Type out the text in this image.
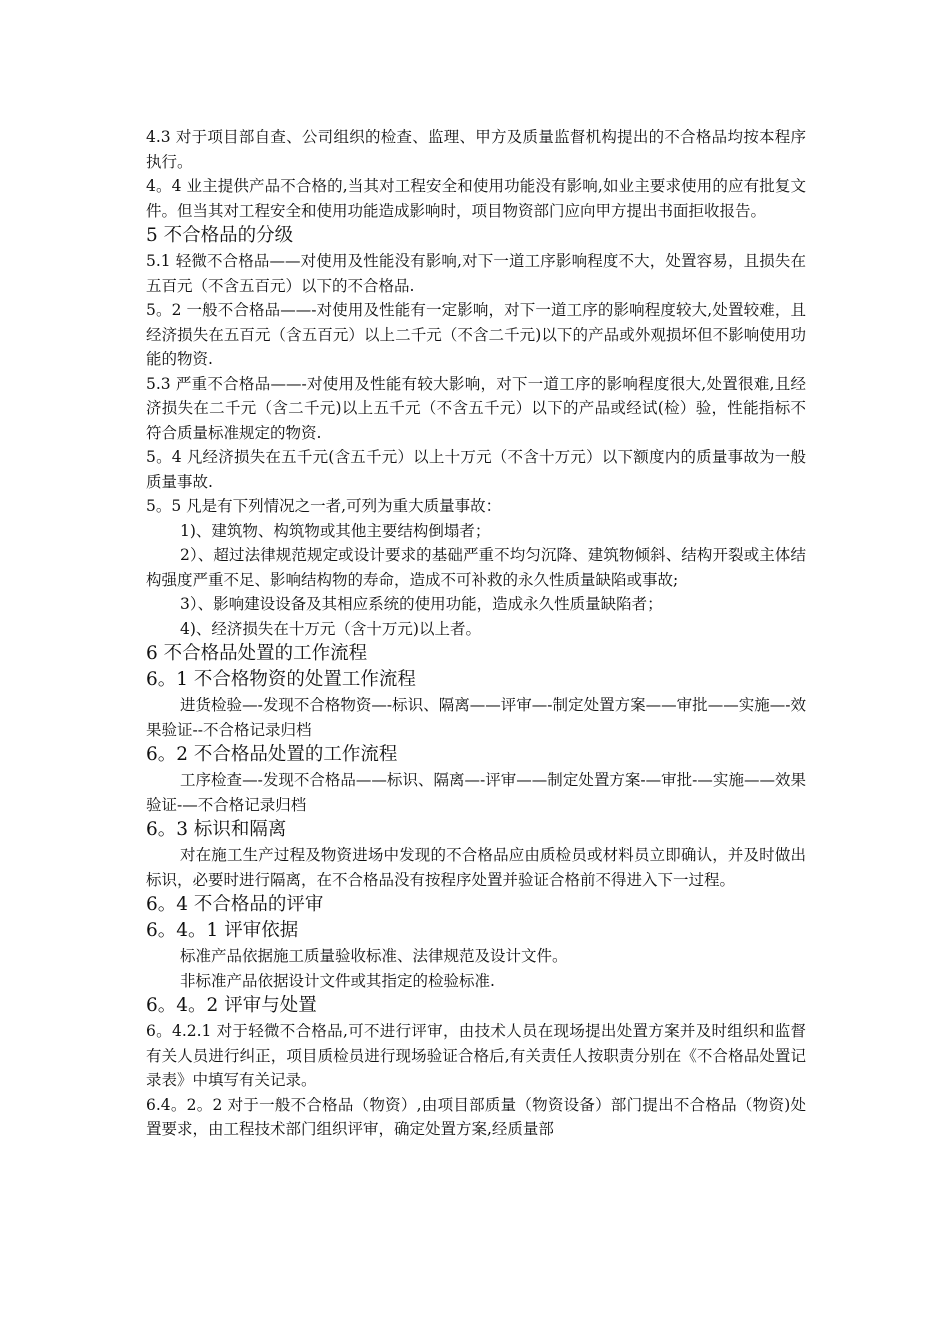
4.3 对于项目部自查、公司组织的检查、监理、甲方及质量监督机构提出的不合格品均按本程序执行。

4。4 业主提供产品不合格的,当其对工程安全和使用功能没有影响,如业主要求使用的应有批复文件。但当其对工程安全和使用功能造成影响时，项目物资部门应向甲方提出书面拒收报告。

5 不合格品的分级

5.1 轻微不合格品——对使用及性能没有影响,对下一道工序影响程度不大，处置容易，且损失在五百元（不含五百元）以下的不合格品.

5。2 一般不合格品——-对使用及性能有一定影响，对下一道工序的影响程度较大,处置较难，且经济损失在五百元（含五百元）以上二千元（不含二千元)以下的产品或外观损坏但不影响使用功能的物资.

5.3 严重不合格品——-对使用及性能有较大影响，对下一道工序的影响程度很大,处置很难,且经济损失在二千元（含二千元)以上五千元（不含五千元）以下的产品或经试(检）验，性能指标不符合质量标准规定的物资.

5。4 凡经济损失在五千元(含五千元）以上十万元（不含十万元）以下额度内的质量事故为一般质量事故.

5。5 凡是有下列情况之一者,可列为重大质量事故：

1)、建筑物、构筑物或其他主要结构倒塌者；

2）、超过法律规范规定或设计要求的基础严重不均匀沉降、建筑物倾斜、结构开裂或主体结构强度严重不足、影响结构物的寿命，造成不可补救的永久性质量缺陷或事故;

3）、影响建设设备及其相应系统的使用功能，造成永久性质量缺陷者；

4)、经济损失在十万元（含十万元)以上者。

6 不合格品处置的工作流程
6。1 不合格物资的处置工作流程

进货检验—-发现不合格物资—-标识、隔离——评审—-制定处置方案——审批——实施—-效果验证--不合格记录归档

6。2 不合格品处置的工作流程

工序检查—-发现不合格品——标识、隔离—-评审——制定处置方案-—审批-—实施——效果验证-—不合格记录归档

6。3 标识和隔离

对在施工生产过程及物资进场中发现的不合格品应由质检员或材料员立即确认，并及时做出标识，必要时进行隔离，在不合格品没有按程序处置并验证合格前不得进入下一过程。

6。4 不合格品的评审
6。4。1 评审依据

标准产品依据施工质量验收标准、法律规范及设计文件。

非标准产品依据设计文件或其指定的检验标准.

6。4。2 评审与处置

6。4.2.1 对于轻微不合格品,可不进行评审，由技术人员在现场提出处置方案并及时组织和监督有关人员进行纠正，项目质检员进行现场验证合格后,有关责任人按职责分别在《不合格品处置记录表》中填写有关记录。

6.4。2。2 对于一般不合格品（物资）,由项目部质量（物资设备）部门提出不合格品（物资)处置要求，由工程技术部门组织评审，确定处置方案,经质量部
